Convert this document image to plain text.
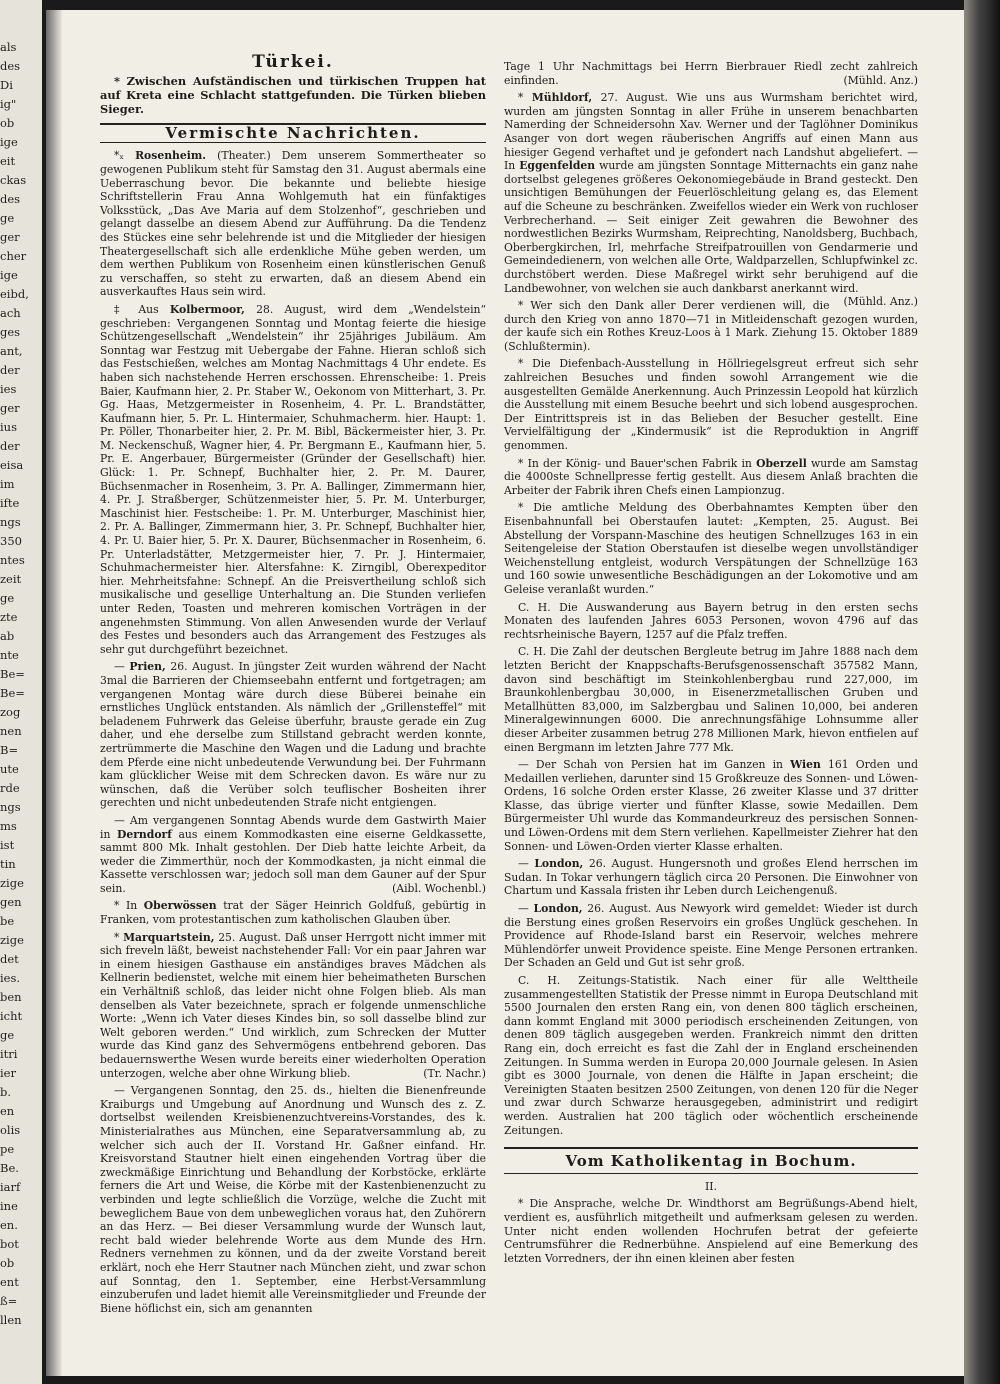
als
des
Di
ig"
ob
ige
eit
ckas
des
ge
ger
cher
ige
eibd,
ach
ges
ant,
der
ies
ger
ius
der
eisa
im
ifte
ngs
350
ntes
zeit
ge
zte
ab
nte
Be=
Be=
zog
nen
B=
ute
rde
ngs
ms
ist
tin
zige
gen
be
zige
det
ies.
ben
icht
ge
itri
ier
b.
en
olis
pe
Be.
iarf
ine
en.
bot
ob
ent
ß=
llen
Türkei.
* Zwischen Aufständischen und türkischen Truppen hat auf Kreta eine Schlacht stattgefunden. Die Türken blieben Sieger.
Vermischte Nachrichten.

*ₓ Rosenheim. (Theater.) Dem unserem Sommertheater so gewogenen Publikum steht für Samstag den 31. August abermals eine Ueberraschung bevor. Die bekannte und beliebte hiesige Schriftstellerin Frau Anna Wohlgemuth hat ein fünfaktiges Volksstück, „Das Ave Maria auf dem Stolzenhof“, geschrieben und gelangt dasselbe an diesem Abend zur Aufführung. Da die Tendenz des Stückes eine sehr belehrende ist und die Mitglieder der hiesigen Theatergesellschaft sich alle erdenkliche Mühe geben werden, um dem werthen Publikum von Rosenheim einen künstlerischen Genuß zu verschaffen, so steht zu erwarten, daß an diesem Abend ein ausverkauftes Haus sein wird.

‡ Aus Kolbermoor, 28. August, wird dem „Wendelstein“ geschrieben: Vergangenen Sonntag und Montag feierte die hiesige Schützengesellschaft „Wendelstein“ ihr 25jähriges Jubiläum. Am Sonntag war Festzug mit Uebergabe der Fahne. Hieran schloß sich das Festschießen, welches am Montag Nachmittags 4 Uhr endete. Es haben sich nachstehende Herren erschossen. Ehrenscheibe: 1. Preis Baier, Kaufmann hier, 2. Pr. Staber W., Oekonom von Mitterhart, 3. Pr. Gg. Haas, Metzgermeister in Rosenheim, 4. Pr. L. Brandstätter, Kaufmann hier, 5. Pr. L. Hintermaier, Schuhmacherm. hier. Haupt: 1. Pr. Pöller, Thonarbeiter hier, 2. Pr. M. Bibl, Bäckermeister hier, 3. Pr. M. Neckenschuß, Wagner hier, 4. Pr. Bergmann E., Kaufmann hier, 5. Pr. E. Angerbauer, Bürgermeister (Gründer der Gesellschaft) hier. Glück: 1. Pr. Schnepf, Buchhalter hier, 2. Pr. M. Daurer, Büchsenmacher in Rosenheim, 3. Pr. A. Ballinger, Zimmermann hier, 4. Pr. J. Straßberger, Schützenmeister hier, 5. Pr. M. Unterburger, Maschinist hier. Festscheibe: 1. Pr. M. Unterburger, Maschinist hier, 2. Pr. A. Ballinger, Zimmermann hier, 3. Pr. Schnepf, Buchhalter hier, 4. Pr. U. Baier hier, 5. Pr. X. Daurer, Büchsenmacher in Rosenheim, 6. Pr. Unterladstätter, Metzgermeister hier, 7. Pr. J. Hintermaier, Schuhmachermeister hier. Altersfahne: K. Zirngibl, Oberexpeditor hier. Mehrheitsfahne: Schnepf. An die Preisvertheilung schloß sich musikalische und gesellige Unterhaltung an. Die Stunden verliefen unter Reden, Toasten und mehreren komischen Vorträgen in der angenehmsten Stimmung. Von allen Anwesenden wurde der Verlauf des Festes und besonders auch das Arrangement des Festzuges als sehr gut durchgeführt bezeichnet.

— Prien, 26. August. In jüngster Zeit wurden während der Nacht 3mal die Barrieren der Chiemseebahn entfernt und fortgetragen; am vergangenen Montag wäre durch diese Büberei beinahe ein ernstliches Unglück entstanden. Als nämlich der „Grillensteffel“ mit beladenem Fuhrwerk das Geleise überfuhr, brauste gerade ein Zug daher, und ehe derselbe zum Stillstand gebracht werden konnte, zertrümmerte die Maschine den Wagen und die Ladung und brachte dem Pferde eine nicht unbedeutende Verwundung bei. Der Fuhrmann kam glücklicher Weise mit dem Schrecken davon. Es wäre nur zu wünschen, daß die Verüber solch teuflischer Bosheiten ihrer gerechten und nicht unbedeutenden Strafe nicht entgiengen.

— Am vergangenen Sonntag Abends wurde dem Gastwirth Maier in Derndorf aus einem Kommodkasten eine eiserne Geldkassette, sammt 800 Mk. Inhalt gestohlen. Der Dieb hatte leichte Arbeit, da weder die Zimmerthür, noch der Kommodkasten, ja nicht einmal die Kassette verschlossen war; jedoch soll man dem Gauner auf der Spur sein.	(Aibl. Wochenbl.)

* In Oberwössen trat der Säger Heinrich Goldfuß, gebürtig in Franken, vom protestantischen zum katholischen Glauben über.

* Marquartstein, 25. August. Daß unser Herrgott nicht immer mit sich freveln läßt, beweist nachstehender Fall: Vor ein paar Jahren war in einem hiesigen Gasthause ein anständiges braves Mädchen als Kellnerin bedienstet, welche mit einem hier beheimatheten Burschen ein Verhältniß schloß, das leider nicht ohne Folgen blieb. Als man denselben als Vater bezeichnete, sprach er folgende unmenschliche Worte: „Wenn ich Vater dieses Kindes bin, so soll dasselbe blind zur Welt geboren werden.“ Und wirklich, zum Schrecken der Mutter wurde das Kind ganz des Sehvermögens entbehrend geboren. Das bedauernswerthe Wesen wurde bereits einer wiederholten Operation unterzogen, welche aber ohne Wirkung blieb.	(Tr. Nachr.)

— Vergangenen Sonntag, den 25. ds., hielten die Bienenfreunde Kraiburgs und Umgebung auf Anordnung und Wunsch des z. Z. dortselbst weilenden Kreisbienenzuchtvereins-Vorstandes, des k. Ministerialrathes aus München, eine Separatversammlung ab, zu welcher sich auch der II. Vorstand Hr. Gaßner einfand. Hr. Kreisvorstand Stautner hielt einen eingehenden Vortrag über die zweckmäßige Einrichtung und Behandlung der Korbstöcke, erklärte ferners die Art und Weise, die Körbe mit der Kastenbienenzucht zu verbinden und legte schließlich die Vorzüge, welche die Zucht mit beweglichem Baue von dem unbeweglichen voraus hat, den Zuhörern an das Herz. — Bei dieser Versammlung wurde der Wunsch laut, recht bald wieder belehrende Worte aus dem Munde des Hrn. Redners vernehmen zu können, und da der zweite Vorstand bereit erklärt, noch ehe Herr Stautner nach München zieht, und zwar schon auf Sonntag, den 1. September, eine Herbst-Versammlung einzuberufen und ladet hiemit alle Vereinsmitglieder und Freunde der Biene höflichst ein, sich am genannten

Tage 1 Uhr Nachmittags bei Herrn Bierbrauer Riedl zecht zahlreich einfinden.	(Mühld. Anz.)

* Mühldorf, 27. August. Wie uns aus Wurmsham berichtet wird, wurden am jüngsten Sonntag in aller Frühe in unserem benachbarten Namerding der Schneidersohn Xav. Werner und der Taglöhner Dominikus Asanger von dort wegen räuberischen Angriffs auf einen Mann aus hiesiger Gegend verhaftet und je gefondert nach Landshut abgeliefert. — In Eggenfelden wurde am jüngsten Sonntage Mitternachts ein ganz nahe dortselbst gelegenes größeres Oekonomiegebäude in Brand gesteckt. Den unsichtigen Bemühungen der Feuerlöschleitung gelang es, das Element auf die Scheune zu beschränken. Zweifellos wieder ein Werk von ruchloser Verbrecherhand. — Seit einiger Zeit gewahren die Bewohner des nordwestlichen Bezirks Wurmsham, Reiprechting, Nanoldsberg, Buchbach, Oberbergkirchen, Irl, mehrfache Streifpatrouillen von Gendarmerie und Gemeindedienern, von welchen alle Orte, Waldparzellen, Schlupfwinkel zc. durchstöbert werden. Diese Maßregel wirkt sehr beruhigend auf die Landbewohner, von welchen sie auch dankbarst anerkannt wird.
(Mühld. Anz.)

* Wer sich den Dank aller Derer verdienen will, die durch den Krieg von anno 1870—71 in Mitleidenschaft gezogen wurden, der kaufe sich ein Rothes Kreuz-Loos à 1 Mark. Ziehung 15. Oktober 1889 (Schlußtermin).

* Die Diefenbach-Ausstellung in Höllriegelsgreut erfreut sich sehr zahlreichen Besuches und finden sowohl Arrangement wie die ausgestellten Gemälde Anerkennung. Auch Prinzessin Leopold hat kürzlich die Ausstellung mit einem Besuche beehrt und sich lobend ausgesprochen. Der Eintrittspreis ist in das Belieben der Besucher gestellt. Eine Vervielfältigung der „Kindermusik“ ist die Reproduktion in Angriff genommen.

* In der König- und Bauer'schen Fabrik in Oberzell wurde am Samstag die 4000ste Schnellpresse fertig gestellt. Aus diesem Anlaß brachten die Arbeiter der Fabrik ihren Chefs einen Lampionzug.

* Die amtliche Meldung des Oberbahnamtes Kempten über den Eisenbahnunfall bei Oberstaufen lautet: „Kempten, 25. August. Bei Abstellung der Vorspann-Maschine des heutigen Schnellzuges 163 in ein Seitengeleise der Station Oberstaufen ist dieselbe wegen unvollständiger Weichenstellung entgleist, wodurch Verspätungen der Schnellzüge 163 und 160 sowie unwesentliche Beschädigungen an der Lokomotive und am Geleise veranlaßt wurden.“

C. H. Die Auswanderung aus Bayern betrug in den ersten sechs Monaten des laufenden Jahres 6053 Personen, wovon 4796 auf das rechtsrheinische Bayern, 1257 auf die Pfalz treffen.

C. H. Die Zahl der deutschen Bergleute betrug im Jahre 1888 nach dem letzten Bericht der Knappschafts-Berufsgenossenschaft 357582 Mann, davon sind beschäftigt im Steinkohlenbergbau rund 227,000, im Braunkohlenbergbau 30,000, in Eisenerzmetallischen Gruben und Metallhütten 83,000, im Salzbergbau und Salinen 10,000, bei anderen Mineralgewinnungen 6000. Die anrechnungsfähige Lohnsumme aller dieser Arbeiter zusammen betrug 278 Millionen Mark, hievon entfielen auf einen Bergmann im letzten Jahre 777 Mk.

— Der Schah von Persien hat im Ganzen in Wien 161 Orden und Medaillen verliehen, darunter sind 15 Großkreuze des Sonnen- und Löwen-Ordens, 16 solche Orden erster Klasse, 26 zweiter Klasse und 37 dritter Klasse, das übrige vierter und fünfter Klasse, sowie Medaillen. Dem Bürgermeister Uhl wurde das Kommandeurkreuz des persischen Sonnen- und Löwen-Ordens mit dem Stern verliehen. Kapellmeister Ziehrer hat den Sonnen- und Löwen-Orden vierter Klasse erhalten.

— London, 26. August. Hungersnoth und großes Elend herrschen im Sudan. In Tokar verhungern täglich circa 20 Personen. Die Einwohner von Chartum und Kassala fristen ihr Leben durch Leichengenuß.

— London, 26. August. Aus Newyork wird gemeldet: Wieder ist durch die Berstung eines großen Reservoirs ein großes Unglück geschehen. In Providence auf Rhode-Island barst ein Reservoir, welches mehrere Mühlendörfer unweit Providence speiste. Eine Menge Personen ertranken. Der Schaden an Geld und Gut ist sehr groß.

C. H. Zeitungs-Statistik. Nach einer für alle Welttheile zusammengestellten Statistik der Presse nimmt in Europa Deutschland mit 5500 Journalen den ersten Rang ein, von denen 800 täglich erscheinen, dann kommt England mit 3000 periodisch erscheinenden Zeitungen, von denen 809 täglich ausgegeben werden. Frankreich nimmt den dritten Rang ein, doch erreicht es fast die Zahl der in England erscheinenden Zeitungen. In Summa werden in Europa 20,000 Journale gelesen. In Asien gibt es 3000 Journale, von denen die Hälfte in Japan erscheint; die Vereinigten Staaten besitzen 2500 Zeitungen, von denen 120 für die Neger und zwar durch Schwarze herausgegeben, administrirt und redigirt werden. Australien hat 200 täglich oder wöchentlich erscheinende Zeitungen.

Vom Katholikentag in Bochum.
II.

* Die Ansprache, welche Dr. Windthorst am Begrüßungs-Abend hielt, verdient es, ausführlich mitgetheilt und aufmerksam gelesen zu werden. Unter nicht enden wollenden Hochrufen betrat der gefeierte Centrumsführer die Rednerbühne. Anspielend auf eine Bemerkung des letzten Vorredners, der ihn einen kleinen aber festen
